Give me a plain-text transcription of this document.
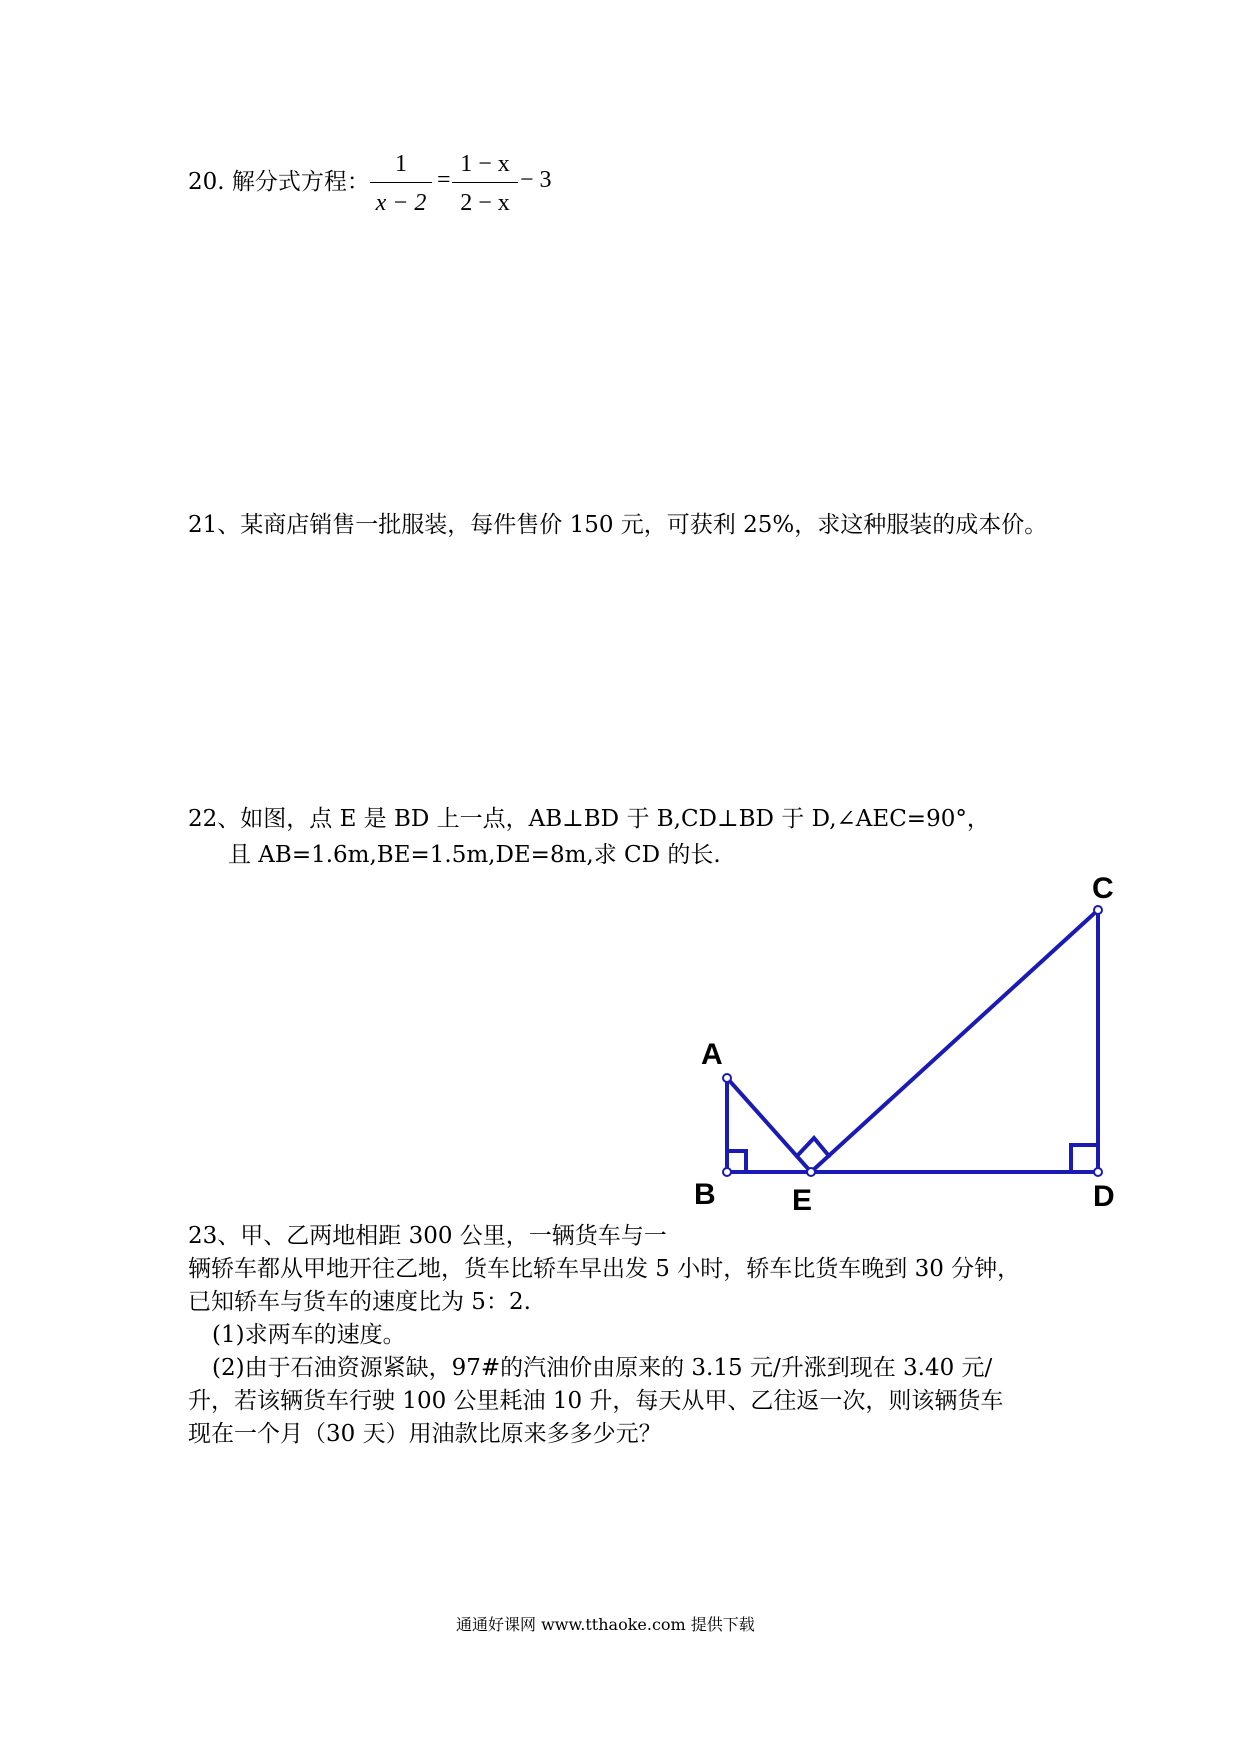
20. 解分式方程：
1
x − 2
=
1 − x
2 − x
− 3
21、某商店销售一批服装，每件售价 150 元，可获利 25%，求这种服装的成本价。
22、如图，点 E 是 BD 上一点，AB⊥BD 于 B,CD⊥BD 于 D,∠AEC=90°，
且 AB=1.6m,BE=1.5m,DE=8m,求 CD 的长.
A
B
C
D
E
23、甲、乙两地相距 300 公里，一辆货车与一
辆轿车都从甲地开往乙地，货车比轿车早出发 5 小时，轿车比货车晚到 30 分钟，
已知轿车与货车的速度比为 5：2.
(1)求两车的速度。
(2)由于石油资源紧缺，97#的汽油价由原来的 3.15 元/升涨到现在 3.40 元/
升，若该辆货车行驶 100 公里耗油 10 升，每天从甲、乙往返一次，则该辆货车
现在一个月（30 天）用油款比原来多多少元？
通通好课网 www.tthaoke.com 提供下载
